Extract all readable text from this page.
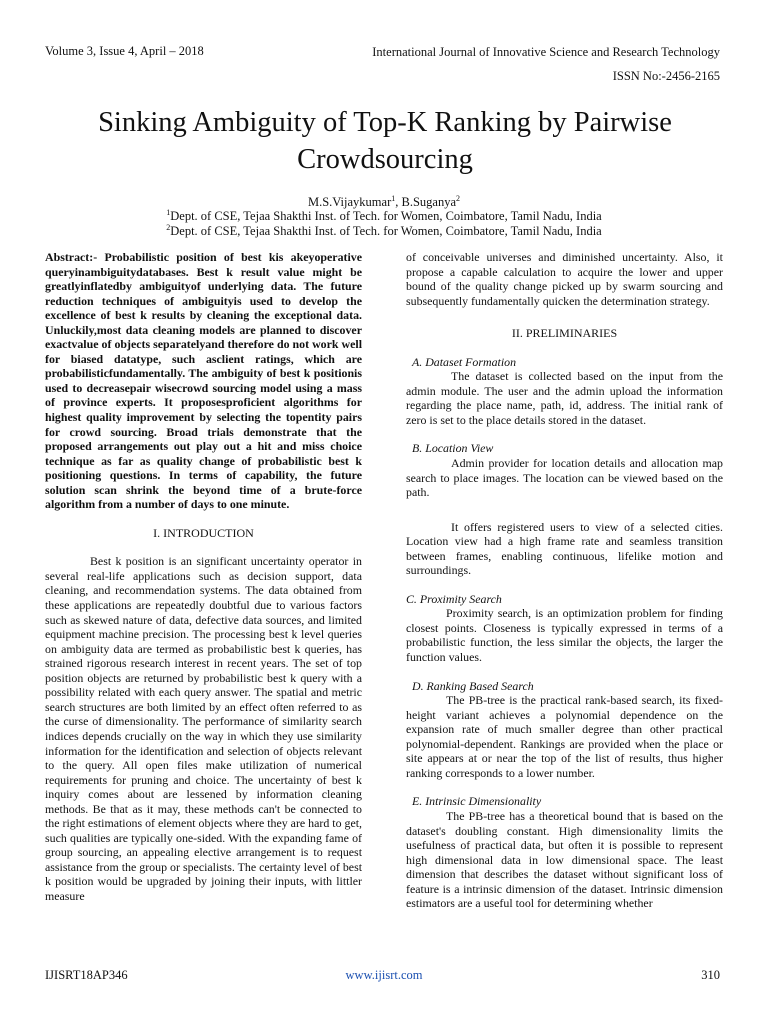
Volume 3, Issue 4, April – 2018	International Journal of Innovative Science and Research Technology
ISSN No:-2456-2165
Sinking Ambiguity of Top-K Ranking by Pairwise Crowdsourcing
M.S.Vijaykumar$^1$, B.Suganya$^2$
$^1$Dept. of CSE, Tejaa Shakthi Inst. of Tech. for Women, Coimbatore, Tamil Nadu, India
$^2$Dept. of CSE, Tejaa Shakthi Inst. of Tech. for Women, Coimbatore, Tamil Nadu, India

Abstract:- Probabilistic position of best kis akeyoperative queryinambiguitydatabases. Best k result value might be greatlyinflatedby ambiguityof underlying data. The future reduction techniques of ambiguityis used to develop the excellence of best k results by cleaning the exceptional data. Unluckily,most data cleaning models are planned to discover exactvalue of objects separatelyand therefore do not work well for biased datatype, such asclient ratings, which are probabilisticfundamentally. The ambiguity of best k positionis used to decreasepair wisecrowd sourcing model using a mass of province experts. It proposesproficient algorithms for highest quality improvement by selecting the topentity pairs for crowd sourcing. Broad trials demonstrate that the proposed arrangements out play out a hit and miss choice technique as far as quality change of probabilistic best k positioning questions. In terms of capability, the future solution scan shrink the beyond time of a brute-force algorithm from a number of days to one minute.

I. INTRODUCTION

Best k position is an significant uncertainty operator in several real-life applications such as decision support, data cleaning, and recommendation systems. The data obtained from these applications are repeatedly doubtful due to various factors such as skewed nature of data, defective data sources, and limited equipment machine precision. The processing best k level queries on ambiguity data are termed as probabilistic best k queries, has strained rigorous research interest in recent years. The set of top position objects are returned by probabilistic best k query with a possibility related with each query answer. The spatial and metric search structures are both limited by an effect often referred to as the curse of dimensionality. The performance of similarity search indices depends crucially on the way in which they use similarity information for the identification and selection of objects relevant to the query. All open files make utilization of numerical requirements for pruning and choice. The uncertainty of best k inquiry comes about are lessened by information cleaning methods. Be that as it may, these methods can't be connected to the right estimations of element objects where they are hard to get, such qualities are typically one-sided. With the expanding fame of group sourcing, an appealing elective arrangement is to request assistance from the group or specialists. The certainty level of best k position would be upgraded by joining their inputs, with littler measure

of conceivable universes and diminished uncertainty. Also, it propose a capable calculation to acquire the lower and upper bound of the quality change picked up by swarm sourcing and subsequently fundamentally quicken the determination strategy.

II. PRELIMINARIES
A. Dataset Formation

The dataset is collected based on the input from the admin module. The user and the admin upload the information regarding the place name, path, id, address. The initial rank of zero is set to the place details stored in the dataset.

B. Location View

Admin provider for location details and allocation map search to place images. The location can be viewed based on the path.

It offers registered users to view of a selected cities. Location view had a high frame rate and seamless transition between frames, enabling continuous, lifelike motion and surroundings.

C. Proximity Search

Proximity search, is an optimization problem for finding closest points. Closeness is typically expressed in terms of a probabilistic function, the less similar the objects, the larger the function values.

D. Ranking Based Search

The PB-tree is the practical rank-based search, its fixed-height variant achieves a polynomial dependence on the expansion rate of much smaller degree than other practical polynomial-dependent. Rankings are provided when the place or site appears at or near the top of the list of results, thus higher ranking corresponds to a lower number.

E. Intrinsic Dimensionality

The PB-tree has a theoretical bound that is based on the dataset's doubling constant. High dimensionality limits the usefulness of practical data, but often it is possible to represent high dimensional data in low dimensional space. The least dimension that describes the dataset without significant loss of feature is a intrinsic dimension of the dataset. Intrinsic dimension estimators are a useful tool for determining whether

IJISRT18AP346	www.ijisrt.com	310
